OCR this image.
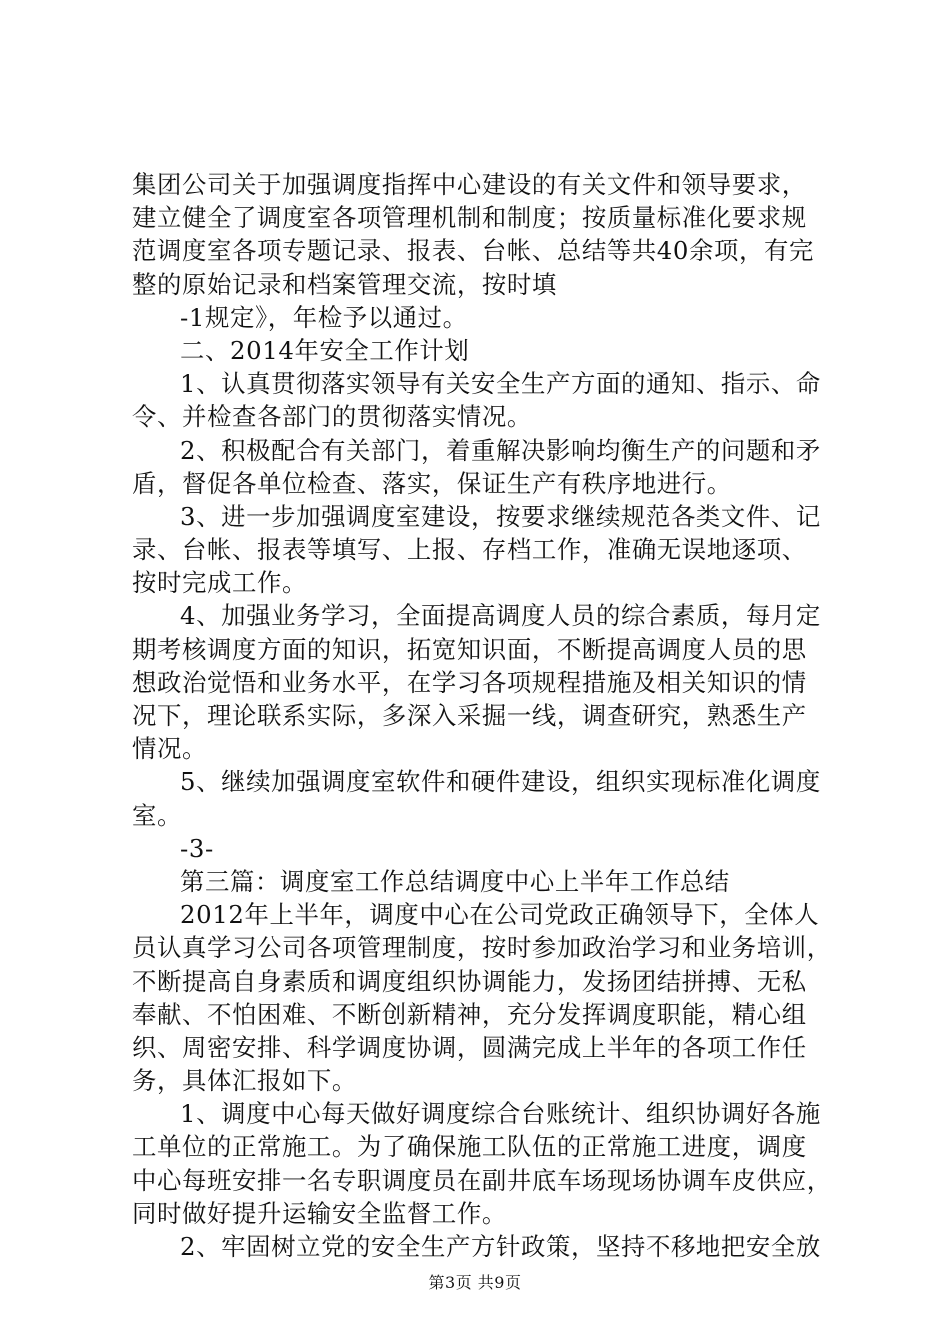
集团公司关于加强调度指挥中心建设的有关文件和领导要求，
建立健全了调度室各项管理机制和制度；按质量标准化要求规
范调度室各项专题记录、报表、台帐、总结等共40余项，有完
整的原始记录和档案管理交流，按时填
-1规定》，年检予以通过。
二、2014年安全工作计划
1、认真贯彻落实领导有关安全生产方面的通知、指示、命
令、并检查各部门的贯彻落实情况。
2、积极配合有关部门，着重解决影响均衡生产的问题和矛
盾，督促各单位检查、落实，保证生产有秩序地进行。
3、进一步加强调度室建设，按要求继续规范各类文件、记
录、台帐、报表等填写、上报、存档工作，准确无误地逐项、
按时完成工作。
4、加强业务学习，全面提高调度人员的综合素质，每月定
期考核调度方面的知识，拓宽知识面，不断提高调度人员的思
想政治觉悟和业务水平，在学习各项规程措施及相关知识的情
况下，理论联系实际，多深入采掘一线，调查研究，熟悉生产
情况。
5、继续加强调度室软件和硬件建设，组织实现标准化调度
室。
-3-
第三篇：调度室工作总结调度中心上半年工作总结
2012年上半年，调度中心在公司党政正确领导下，全体人
员认真学习公司各项管理制度，按时参加政治学习和业务培训，
不断提高自身素质和调度组织协调能力，发扬团结拼搏、无私
奉献、不怕困难、不断创新精神，充分发挥调度职能，精心组
织、周密安排、科学调度协调，圆满完成上半年的各项工作任
务，具体汇报如下。
1、调度中心每天做好调度综合台账统计、组织协调好各施
工单位的正常施工。为了确保施工队伍的正常施工进度，调度
中心每班安排一名专职调度员在副井底车场现场协调车皮供应，
同时做好提升运输安全监督工作。
2、牢固树立党的安全生产方针政策，坚持不移地把安全放
第3页 共9页
